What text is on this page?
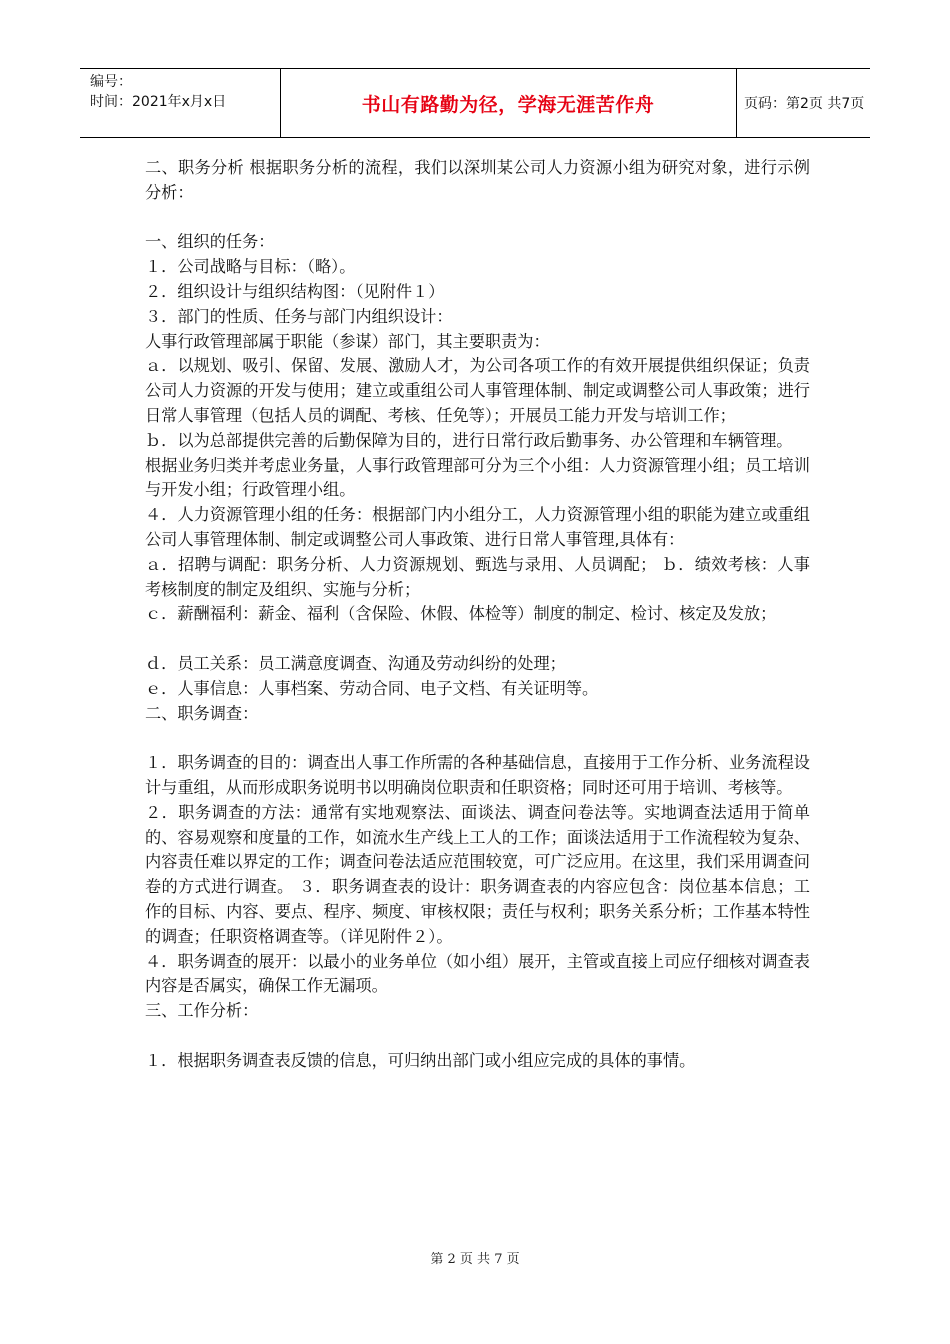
编号：
时间：2021年x月x日	书山有路勤为径，学海无涯苦作舟	页码：第2页 共7页

二、职务分析 根据职务分析的流程，我们以深圳某公司人力资源小组为研究对象，进行示例分析：

一、组织的任务：

１．公司战略与目标：（略）。

２．组织设计与组织结构图：（见附件１）

３．部门的性质、任务与部门内组织设计：

人事行政管理部属于职能（参谋）部门，其主要职责为：

ａ．以规划、吸引、保留、发展、激励人才，为公司各项工作的有效开展提供组织保证；负责公司人力资源的开发与使用；建立或重组公司人事管理体制、制定或调整公司人事政策；进行日常人事管理（包括人员的调配、考核、任免等）；开展员工能力开发与培训工作；

ｂ．以为总部提供完善的后勤保障为目的，进行日常行政后勤事务、办公管理和车辆管理。

根据业务归类并考虑业务量，人事行政管理部可分为三个小组：人力资源管理小组；员工培训与开发小组；行政管理小组。

４．人力资源管理小组的任务：根据部门内小组分工，人力资源管理小组的职能为建立或重组公司人事管理体制、制定或调整公司人事政策、进行日常人事管理,具体有：

ａ．招聘与调配：职务分析、人力资源规划、甄选与录用、人员调配； ｂ．绩效考核：人事考核制度的制定及组织、实施与分析；

ｃ．薪酬福利：薪金、福利（含保险、休假、体检等）制度的制定、检讨、核定及发放；

ｄ．员工关系：员工满意度调查、沟通及劳动纠纷的处理；

ｅ．人事信息：人事档案、劳动合同、电子文档、有关证明等。

二、职务调查：

１．职务调查的目的：调查出人事工作所需的各种基础信息，直接用于工作分析、业务流程设计与重组，从而形成职务说明书以明确岗位职责和任职资格；同时还可用于培训、考核等。

２．职务调查的方法：通常有实地观察法、面谈法、调查问卷法等。实地调查法适用于简单的、容易观察和度量的工作，如流水生产线上工人的工作；面谈法适用于工作流程较为复杂、内容责任难以界定的工作；调查问卷法适应范围较宽，可广泛应用。在这里，我们采用调查问卷的方式进行调查。 ３．职务调查表的设计：职务调查表的内容应包含：岗位基本信息；工作的目标、内容、要点、程序、频度、审核权限；责任与权利；职务关系分析；工作基本特性的调查；任职资格调查等。（详见附件２）。

４．职务调查的展开：以最小的业务单位（如小组）展开，主管或直接上司应仔细核对调查表内容是否属实，确保工作无漏项。

三、工作分析：

１．根据职务调查表反馈的信息，可归纳出部门或小组应完成的具体的事情。

第 2 页 共 7 页
